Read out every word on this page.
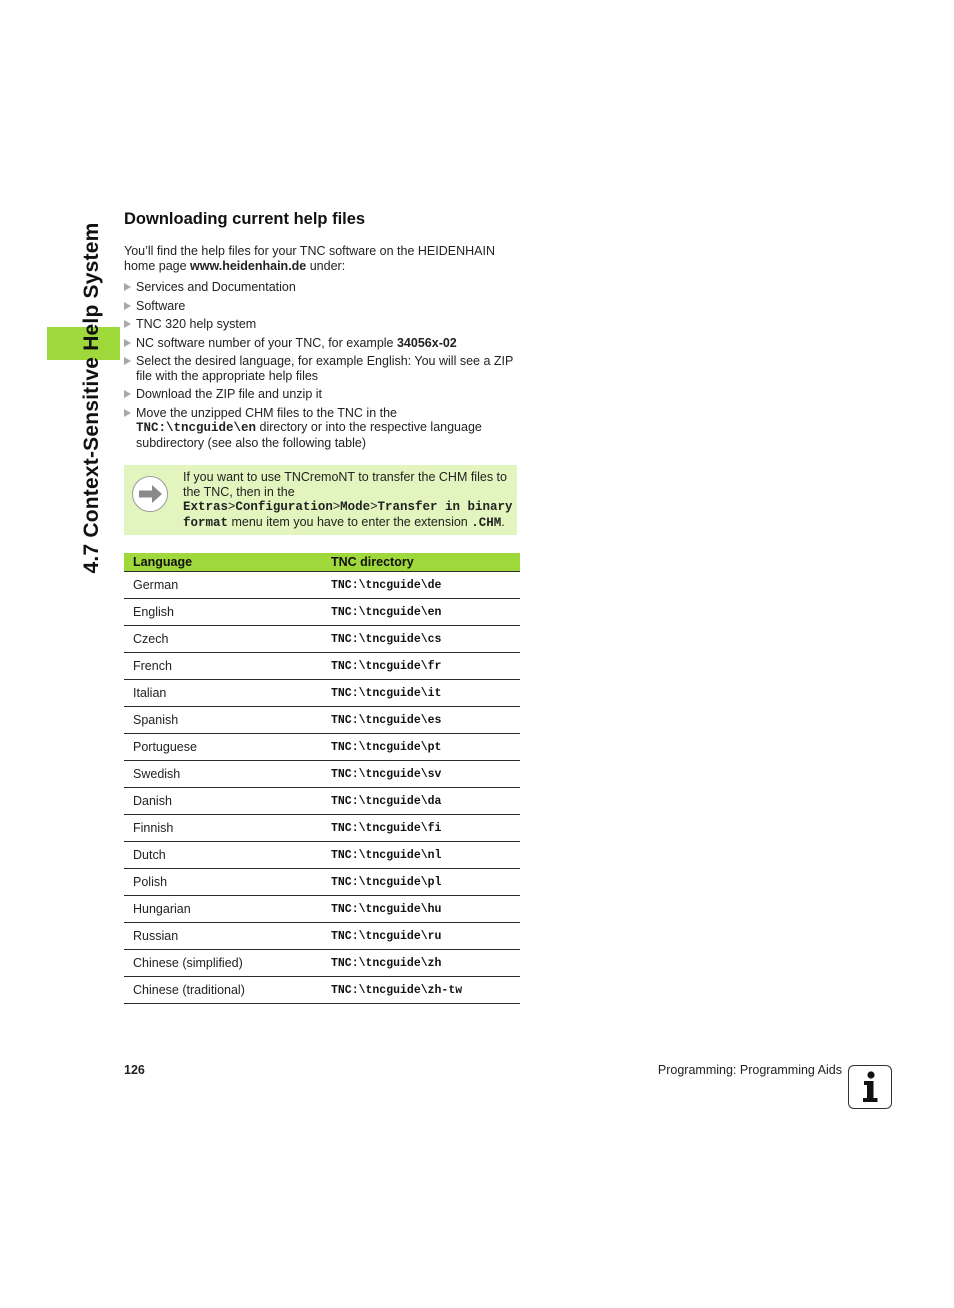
4.7 Context-Sensitive Help System
Downloading current help files

You’ll find the help files for your TNC software on the HEIDENHAIN home page www.heidenhain.de under:

Services and Documentation
Software
TNC 320 help system
NC software number of your TNC, for example 34056x-02
Select the desired language, for example English: You will see a ZIP file with the appropriate help files
Download the ZIP file and unzip it
Move the unzipped CHM files to the TNC in the TNC:\tncguide\en directory or into the respective language subdirectory (see also the following table)

If you want to use TNCremoNT to transfer the CHM files to the TNC, then in the Extras>Configuration>Mode>Transfer in binary format menu item you have to enter the extension .CHM.

Language	TNC directory
German	TNC:\tncguide\de
English	TNC:\tncguide\en
Czech	TNC:\tncguide\cs
French	TNC:\tncguide\fr
Italian	TNC:\tncguide\it
Spanish	TNC:\tncguide\es
Portuguese	TNC:\tncguide\pt
Swedish	TNC:\tncguide\sv
Danish	TNC:\tncguide\da
Finnish	TNC:\tncguide\fi
Dutch	TNC:\tncguide\nl
Polish	TNC:\tncguide\pl
Hungarian	TNC:\tncguide\hu
Russian	TNC:\tncguide\ru
Chinese (simplified)	TNC:\tncguide\zh
Chinese (traditional)	TNC:\tncguide\zh-tw
126	Programming: Programming Aids
